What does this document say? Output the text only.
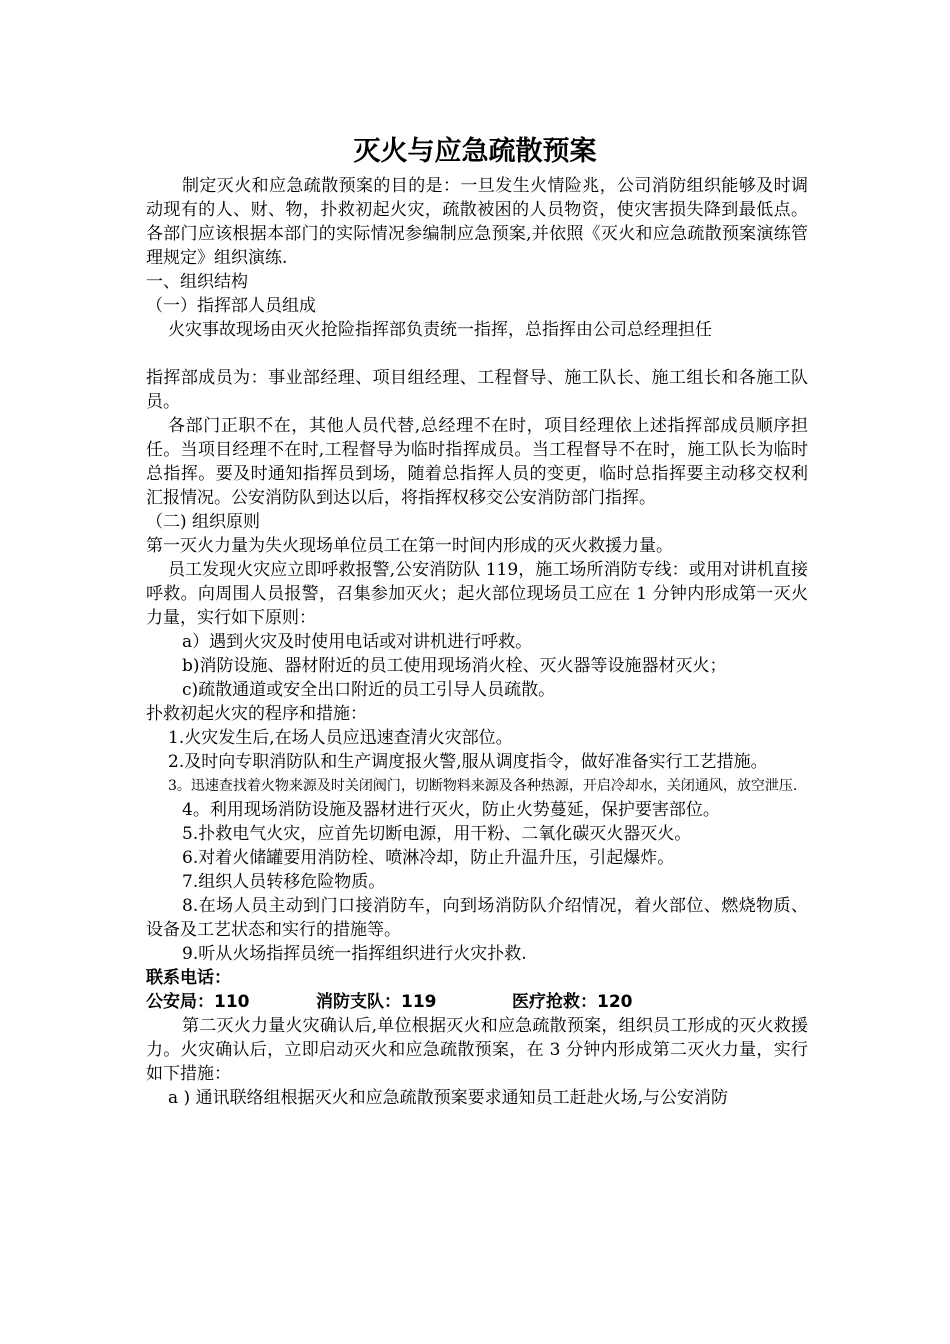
灭火与应急疏散预案

制定灭火和应急疏散预案的目的是：一旦发生火情险兆，公司消防组织能够及时调动现有的人、财、物，扑救初起火灾，疏散被困的人员物资，使灾害损失降到最低点。各部门应该根据本部门的实际情况参编制应急预案,并依照《灭火和应急疏散预案演练管理规定》组织演练.

一、组织结构

（一）指挥部人员组成

火灾事故现场由灭火抢险指挥部负责统一指挥，总指挥由公司总经理担任

指挥部成员为：事业部经理、项目组经理、工程督导、施工队长、施工组长和各施工队员。

各部门正职不在，其他人员代替,总经理不在时，项目经理依上述指挥部成员顺序担任。当项目经理不在时,工程督导为临时指挥成员。当工程督导不在时，施工队长为临时总指挥。要及时通知指挥员到场，随着总指挥人员的变更，临时总指挥要主动移交权利汇报情况。公安消防队到达以后，将指挥权移交公安消防部门指挥。

（二) 组织原则

第一灭火力量为失火现场单位员工在第一时间内形成的灭火救援力量。

员工发现火灾应立即呼救报警,公安消防队 119，施工场所消防专线：或用对讲机直接呼救。向周围人员报警，召集参加灭火；起火部位现场员工应在 1 分钟内形成第一灭火力量，实行如下原则：

a）遇到火灾及时使用电话或对讲机进行呼救。

b)消防设施、器材附近的员工使用现场消火栓、灭火器等设施器材灭火；

c)疏散通道或安全出口附近的员工引导人员疏散。

扑救初起火灾的程序和措施：

1.火灾发生后,在场人员应迅速查清火灾部位。

2.及时向专职消防队和生产调度报火警,服从调度指令，做好准备实行工艺措施。

3。迅速查找着火物来源及时关闭阀门，切断物料来源及各种热源，开启冷却水，关闭通风，放空泄压.

4。利用现场消防设施及器材进行灭火，防止火势蔓延，保护要害部位。

5.扑救电气火灾，应首先切断电源，用干粉、二氧化碳灭火器灭火。

6.对着火储罐要用消防栓、喷淋冷却，防止升温升压，引起爆炸。

7.组织人员转移危险物质。

8.在场人员主动到门口接消防车，向到场消防队介绍情况，着火部位、燃烧物质、设备及工艺状态和实行的措施等。

9.听从火场指挥员统一指挥组织进行火灾扑救.

联系电话：

公安局：110	消防支队：119	医疗抢救：120

第二灭火力量火灾确认后,单位根据灭火和应急疏散预案，组织员工形成的灭火救援力。火灾确认后，立即启动灭火和应急疏散预案，在 3 分钟内形成第二灭火力量，实行如下措施：

a ) 通讯联络组根据灭火和应急疏散预案要求通知员工赶赴火场,与公安消防
